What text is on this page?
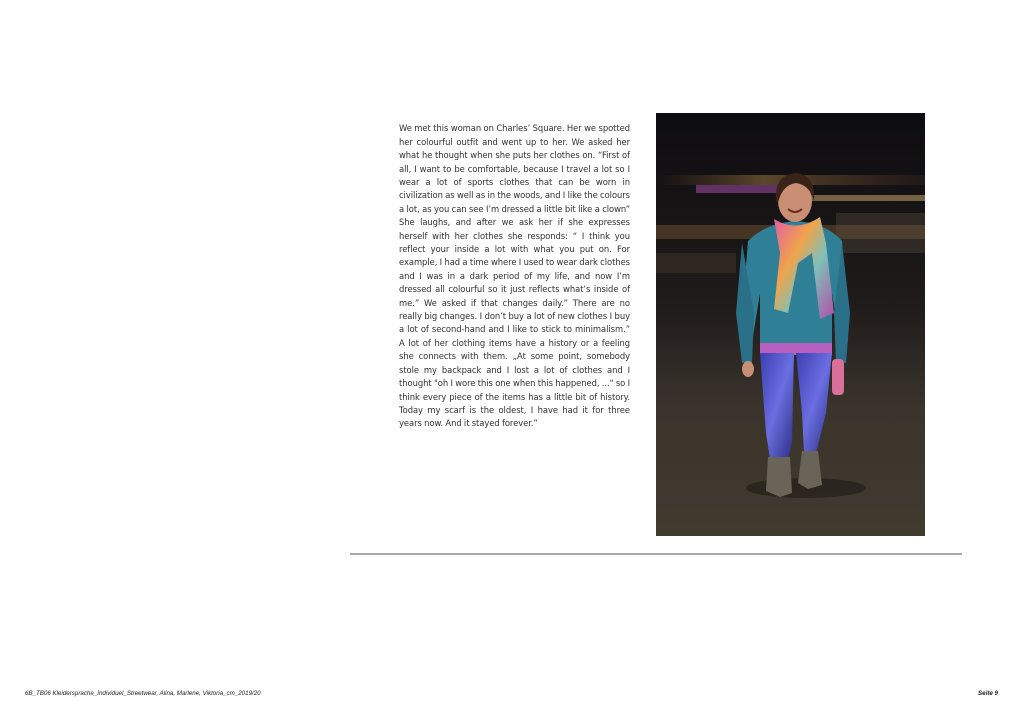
We met this woman on Charles’ Square. Her we spotted her colourful outfit and went up to her. We asked her what he thought when she puts her clothes on. “First of all, I want to be comfortable, because I travel a lot so I wear a lot of sports clothes that can be worn in civilization as well as in the woods, and I like the colours a lot, as you can see I’m dressed a little bit like a clown” She laughs, and after we ask her if she expresses herself with her clothes she responds: “ I think you reflect your inside a lot with what you put on. For example, I had a time where I used to wear dark clothes and I was in a dark period of my life, and now I’m dressed all colourful so it just reflects what’s inside of me.” We asked if that changes daily.” There are no really big changes. I don’t buy a lot of new clothes I buy a lot of second-hand and I like to stick to minimalism.” A lot of her clothing items have a history or a feeling she connects with them. „At some point, somebody stole my backpack and I lost a lot of clothes and I thought "oh I wore this one when this happened, ..." so I think every piece of the items has a little bit of history. Today my scarf is the oldest, I have had it for three years now. And it stayed forever.”

6B_TB06 Kleidersprache_Individuel_Streetwear, Alina, Marlene, Viktoria_cm_2019/20	Seite 9
